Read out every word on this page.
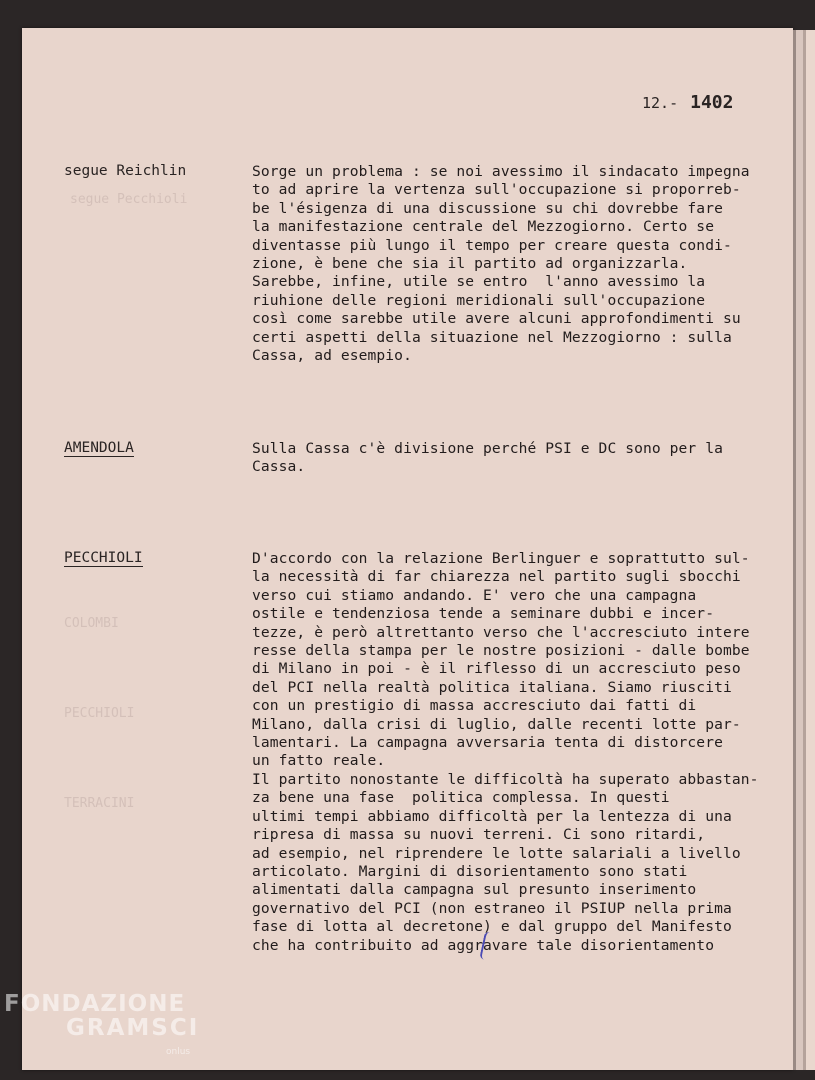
segue Pecchioli
COLOMBI
PECCHIOLI
TERRACINI
12.- 1402
segue Reichlin	Sorge un problema : se noi avessimo il sindacato impegna
to ad aprire la vertenza sull'occupazione si proporreb-
be l'ésigenza di una discussione su chi dovrebbe fare
la manifestazione centrale del Mezzogiorno. Certo se
diventasse più lungo il tempo per creare questa condi-
zione, è bene che sia il partito ad organizzarla.
Sarebbe, infine, utile se entro  l'anno avessimo la
riuhione delle regioni meridionali sull'occupazione
così come sarebbe utile avere alcuni approfondimenti su
certi aspetti della situazione nel Mezzogiorno : sulla
Cassa, ad esempio.
AMENDOLA	Sulla Cassa c'è divisione perché PSI e DC sono per la
Cassa.
PECCHIOLI	D'accordo con la relazione Berlinguer e soprattutto sul-
la necessità di far chiarezza nel partito sugli sbocchi
verso cui stiamo andando. E' vero che una campagna
ostile e tendenziosa tende a seminare dubbi e incer-
tezze, è però altrettanto verso che l'accresciuto intere
resse della stampa per le nostre posizioni - dalle bombe
di Milano in poi - è il riflesso di un accresciuto peso
del PCI nella realtà politica italiana. Siamo riusciti
con un prestigio di massa accresciuto dai fatti di
Milano, dalla crisi di luglio, dalle recenti lotte par-
lamentari. La campagna avversaria tenta di distorcere
un fatto reale.
Il partito nonostante le difficoltà ha superato abbastan-
za bene una fase  politica complessa. In questi
ultimi tempi abbiamo difficoltà per la lentezza di una
ripresa di massa su nuovi terreni. Ci sono ritardi,
ad esempio, nel riprendere le lotte salariali a livello
articolato. Margini di disorientamento sono stati
alimentati dalla campagna sul presunto inserimento
governativo del PCI (non estraneo il PSIUP nella prima
fase di lotta al decretone) e dal gruppo del Manifesto
che ha contribuito ad aggravare tale disorientamento
FONDAZIONE
GRAMSCI
onlus
